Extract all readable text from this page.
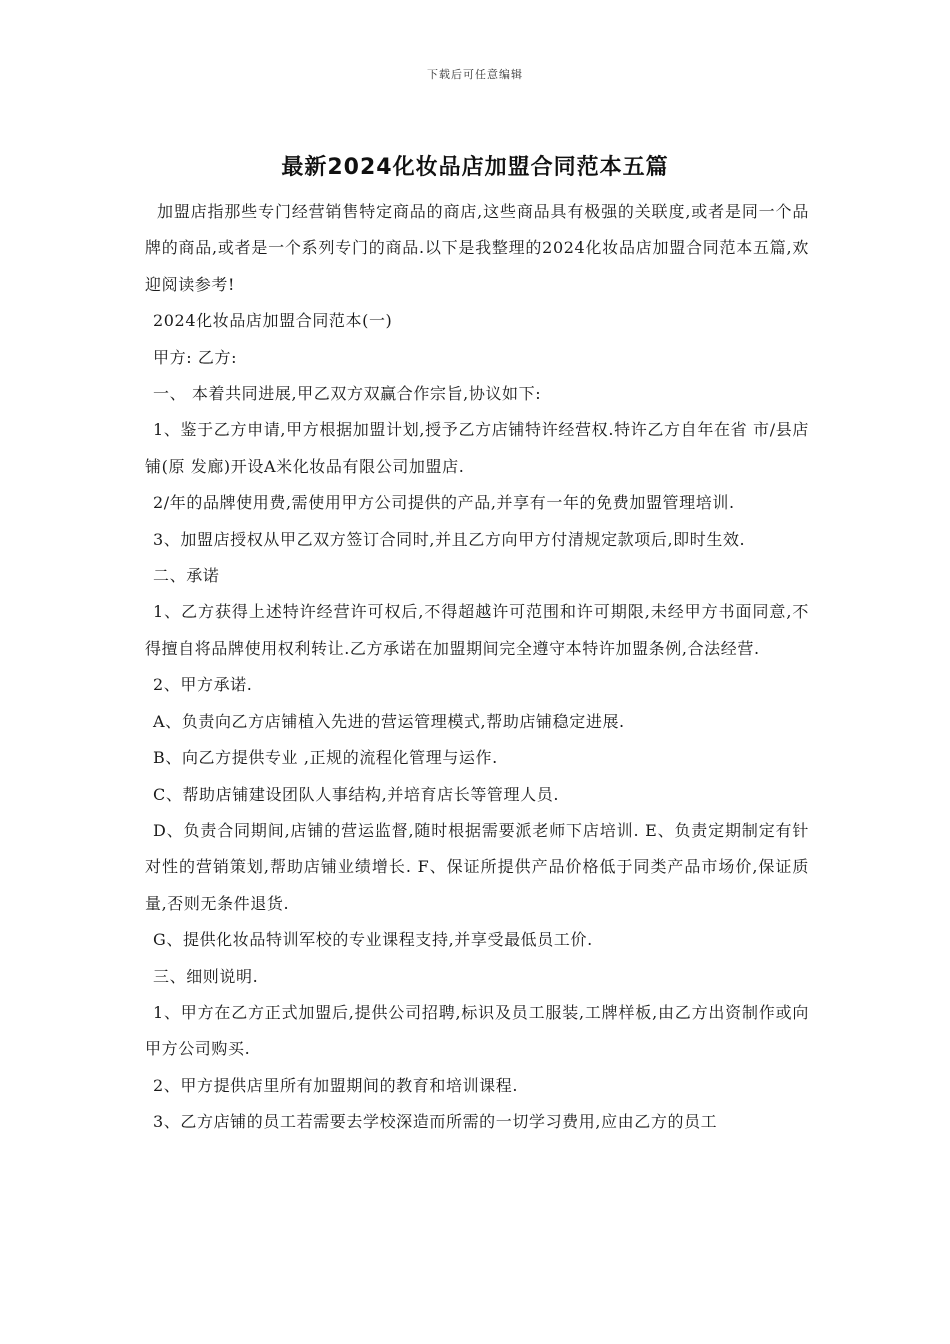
下载后可任意编辑
最新2024化妆品店加盟合同范本五篇

加盟店指那些专门经营销售特定商品的商店,这些商品具有极强的关联度,或者是同一个品牌的商品,或者是一个系列专门的商品.以下是我整理的2024化妆品店加盟合同范本五篇,欢迎阅读参考!

2024化妆品店加盟合同范本(一)

甲方: 乙方:

一、 本着共同进展,甲乙双方双赢合作宗旨,协议如下:

1、鉴于乙方申请,甲方根据加盟计划,授予乙方店铺特许经营权.特许乙方自年在省 市/县店铺(原 发廊)开设A米化妆品有限公司加盟店.

2/年的品牌使用费,需使用甲方公司提供的产品,并享有一年的免费加盟管理培训.

3、加盟店授权从甲乙双方签订合同时,并且乙方向甲方付清规定款项后,即时生效.

二、承诺

1、乙方获得上述特许经营许可权后,不得超越许可范围和许可期限,未经甲方书面同意,不得擅自将品牌使用权利转让.乙方承诺在加盟期间完全遵守本特许加盟条例,合法经营.

2、甲方承诺.

A、负责向乙方店铺植入先进的营运管理模式,帮助店铺稳定进展.

B、向乙方提供专业 ,正规的流程化管理与运作.

C、帮助店铺建设团队人事结构,并培育店长等管理人员.

D、负责合同期间,店铺的营运监督,随时根据需要派老师下店培训. E、负责定期制定有针对性的营销策划,帮助店铺业绩增长. F、保证所提供产品价格低于同类产品市场价,保证质量,否则无条件退货.

G、提供化妆品特训军校的专业课程支持,并享受最低员工价.

三、细则说明.

1、甲方在乙方正式加盟后,提供公司招聘,标识及员工服装,工牌样板,由乙方出资制作或向甲方公司购买.

2、甲方提供店里所有加盟期间的教育和培训课程.

3、乙方店铺的员工若需要去学校深造而所需的一切学习费用,应由乙方的员工
